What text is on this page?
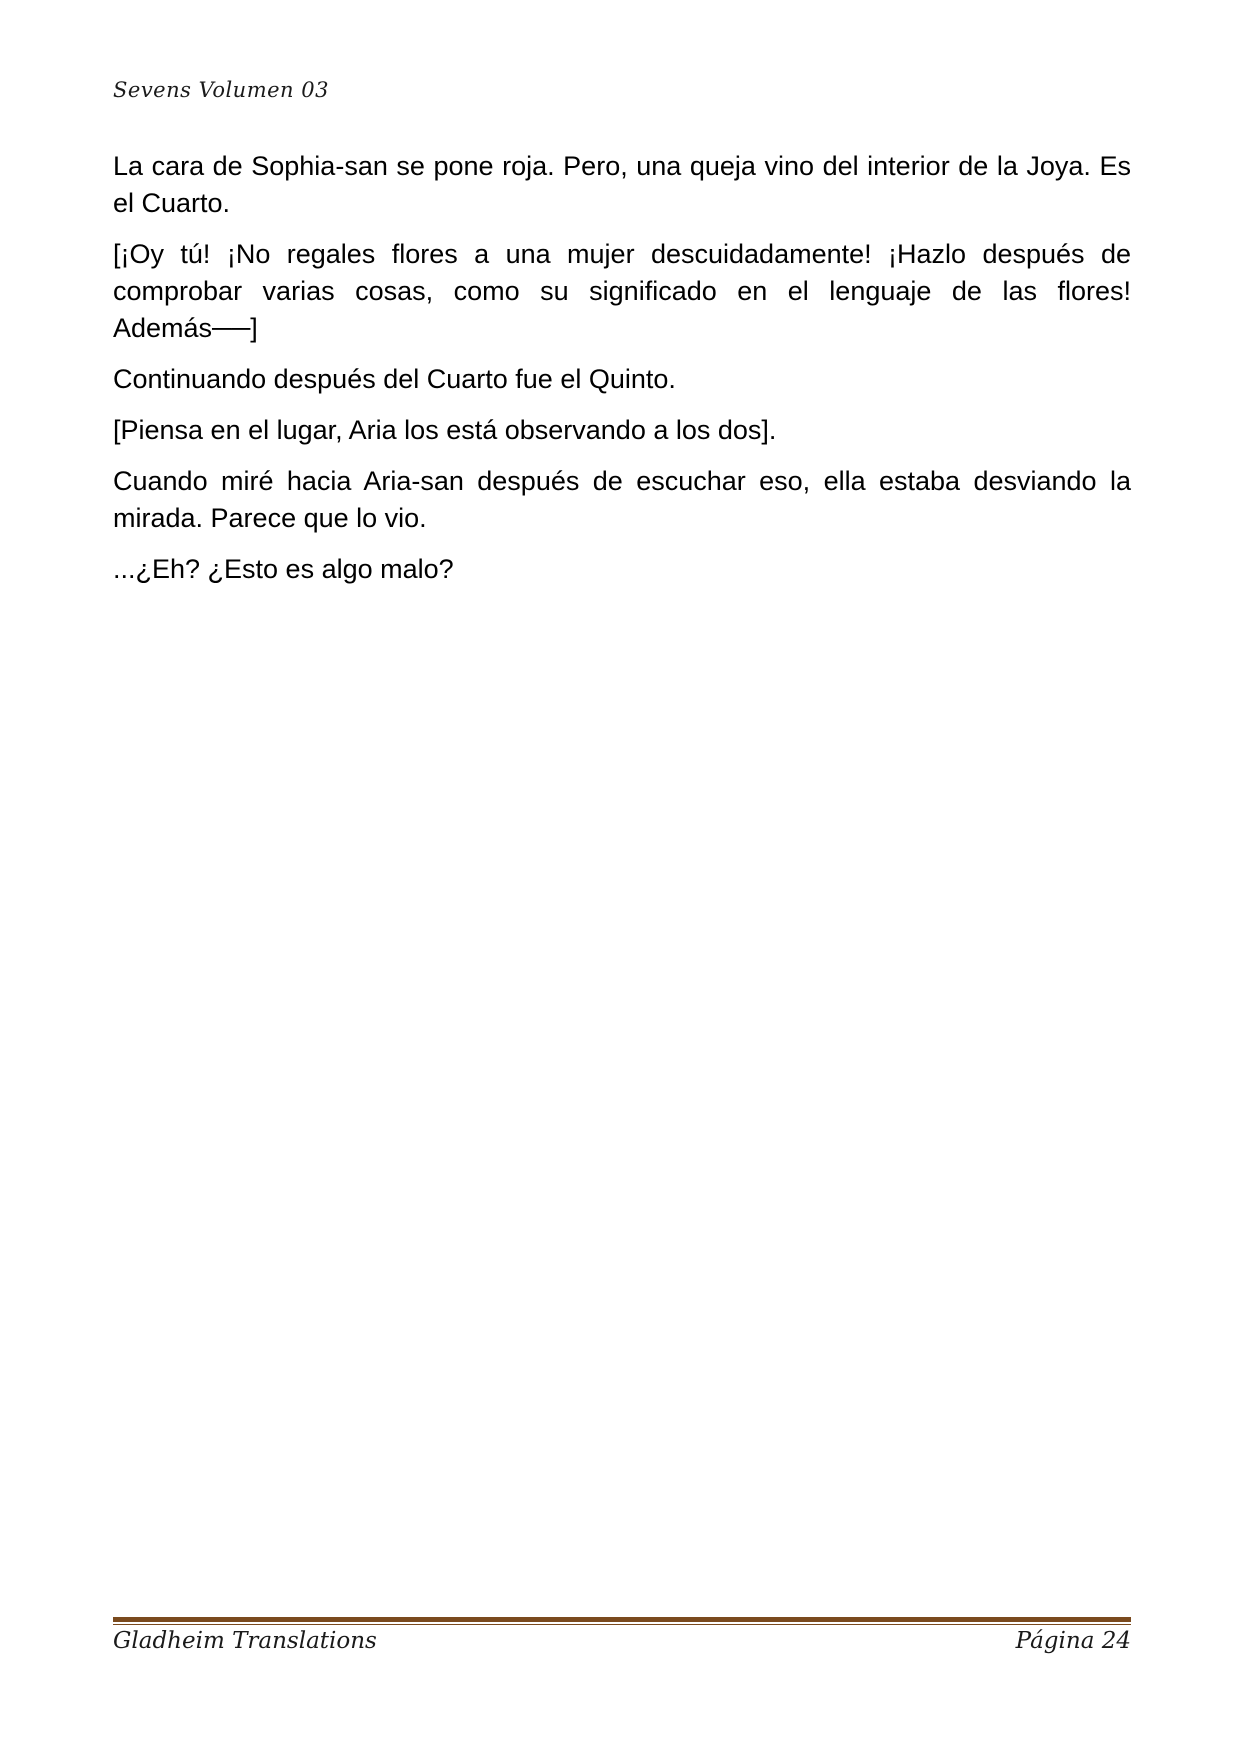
Sevens Volumen 03

La cara de Sophia-san se pone roja. Pero, una queja vino del interior de la Joya. Es el Cuarto.

[¡Oy tú! ¡No regales flores a una mujer descuidadamente! ¡Hazlo después de comprobar varias cosas, como su significado en el lenguaje de las flores! Además──]

Continuando después del Cuarto fue el Quinto.

[Piensa en el lugar, Aria los está observando a los dos].

Cuando miré hacia Aria-san después de escuchar eso, ella estaba desviando la mirada. Parece que lo vio.

...¿Eh? ¿Esto es algo malo?

Gladheim Translations	Página 24
